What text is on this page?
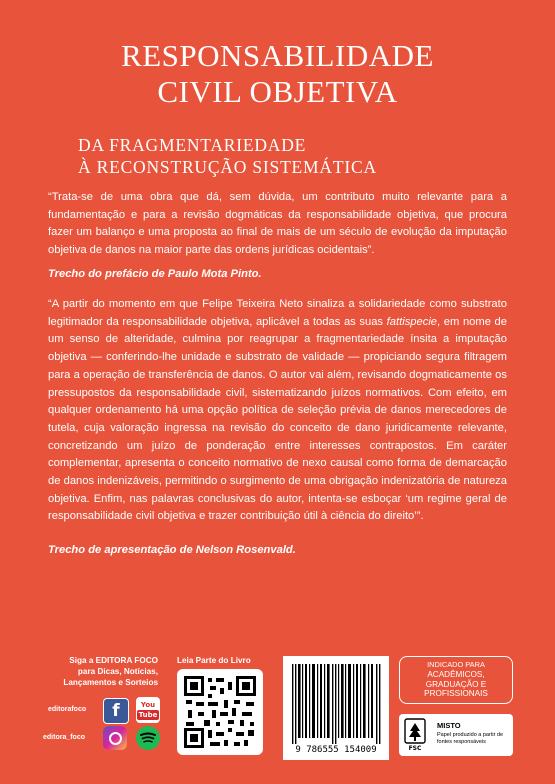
RESPONSABILIDADE
CIVIL OBJETIVA
DA FRAGMENTARIEDADE
À RECONSTRUÇÃO SISTEMÁTICA

“Trata-se de uma obra que dá, sem dúvida, um contributo muito relevante para a fundamentação e para a revisão dogmáticas da responsabilidade objetiva, que procura fazer um balanço e uma proposta ao final de mais de um século de evolução da imputação objetiva de danos na maior parte das ordens jurídicas ocidentais”.

Trecho do prefácio de Paulo Mota Pinto.

“A partir do momento em que Felipe Teixeira Neto sinaliza a solidariedade como substrato legitimador da responsabilidade objetiva, aplicável a todas as suas fattispecie, em nome de um senso de alteridade, culmina por reagrupar a fragmentariedade ínsita a imputação objetiva — conferindo-lhe unidade e substrato de validade — propiciando segura filtragem para a operação de transferência de danos. O autor vai além, revisando dogmaticamente os pressupostos da responsabilidade civil, sistematizando juízos normativos. Com efeito, em qualquer ordenamento há uma opção política de seleção prévia de danos merecedores de tutela, cuja valoração ingressa na revisão do conceito de dano juridicamente relevante, concretizando um juízo de ponderação entre interesses contrapostos. Em caráter complementar, apresenta o conceito normativo de nexo causal como forma de demarcação de danos indenizáveis, permitindo o surgimento de uma obrigação indenizatória de natureza objetiva. Enfim, nas palavras conclusivas do autor, intenta-se esboçar ‘um regime geral de responsabilidade civil objetiva e trazer contribuição útil à ciência do direito’”.

Trecho de apresentação de Nelson Rosenvald.
Siga a EDITORA FOCO
para Dicas, Notícias,
Lançamentos e Sorteios
editorafoco	f	You
Tube
editora_foco
Leia Parte do Livro
9 786555 154009
INDICADO PARA
ACADÊMICOS,
GRADUAÇÃO E
PROFISSIONAIS
FSC
MISTO
Papel produzido a partir de fontes responsáveis
